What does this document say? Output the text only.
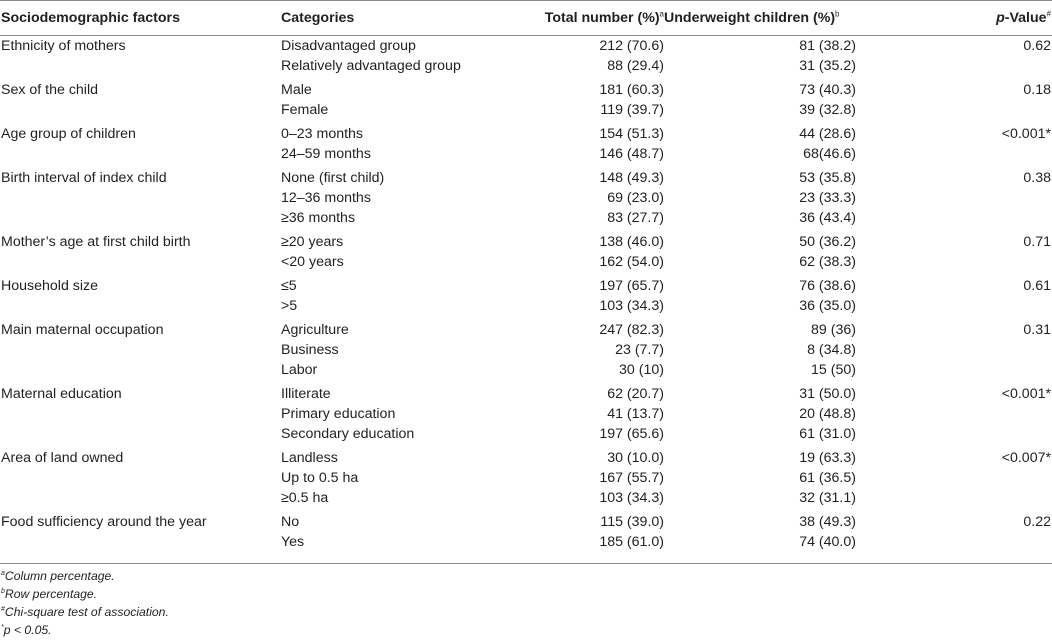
Sociodemographic factors	Categories	Total number (%)$^a$	Underweight children (%)$^b$	p-Value#
Ethnicity of mothers	Disadvantaged group	212 (70.6)	81 (38.2)	0.62
	Relatively advantaged group	88 (29.4)	31 (35.2)	
Sex of the child	Male	181 (60.3)	73 (40.3)	0.18
	Female	119 (39.7)	39 (32.8)	
Age group of children	0–23 months	154 (51.3)	44 (28.6)	<0.001*
	24–59 months	146 (48.7)	68(46.6)	
Birth interval of index child	None (first child)	148 (49.3)	53 (35.8)	0.38
	12–36 months	69 (23.0)	23 (33.3)	
	≥36 months	83 (27.7)	36 (43.4)	
Mother’s age at first child birth	≥20 years	138 (46.0)	50 (36.2)	0.71
	<20 years	162 (54.0)	62 (38.3)	
Household size	≤5	197 (65.7)	76 (38.6)	0.61
	>5	103 (34.3)	36 (35.0)	
Main maternal occupation	Agriculture	247 (82.3)	89 (36)	0.31
	Business	23 (7.7)	8 (34.8)	
	Labor	30 (10)	15 (50)	
Maternal education	Illiterate	62 (20.7)	31 (50.0)	<0.001*
	Primary education	41 (13.7)	20 (48.8)	
	Secondary education	197 (65.6)	61 (31.0)	
Area of land owned	Landless	30 (10.0)	19 (63.3)	<0.007*
	Up to 0.5 ha	167 (55.7)	61 (36.5)	
	≥0.5 ha	103 (34.3)	32 (31.1)	
Food sufficiency around the year	No	115 (39.0)	38 (49.3)	0.22
	Yes	185 (61.0)	74 (40.0)	
$^a$Column percentage.
$^b$Row percentage.
#Chi-square test of association.
*p < 0.05.
